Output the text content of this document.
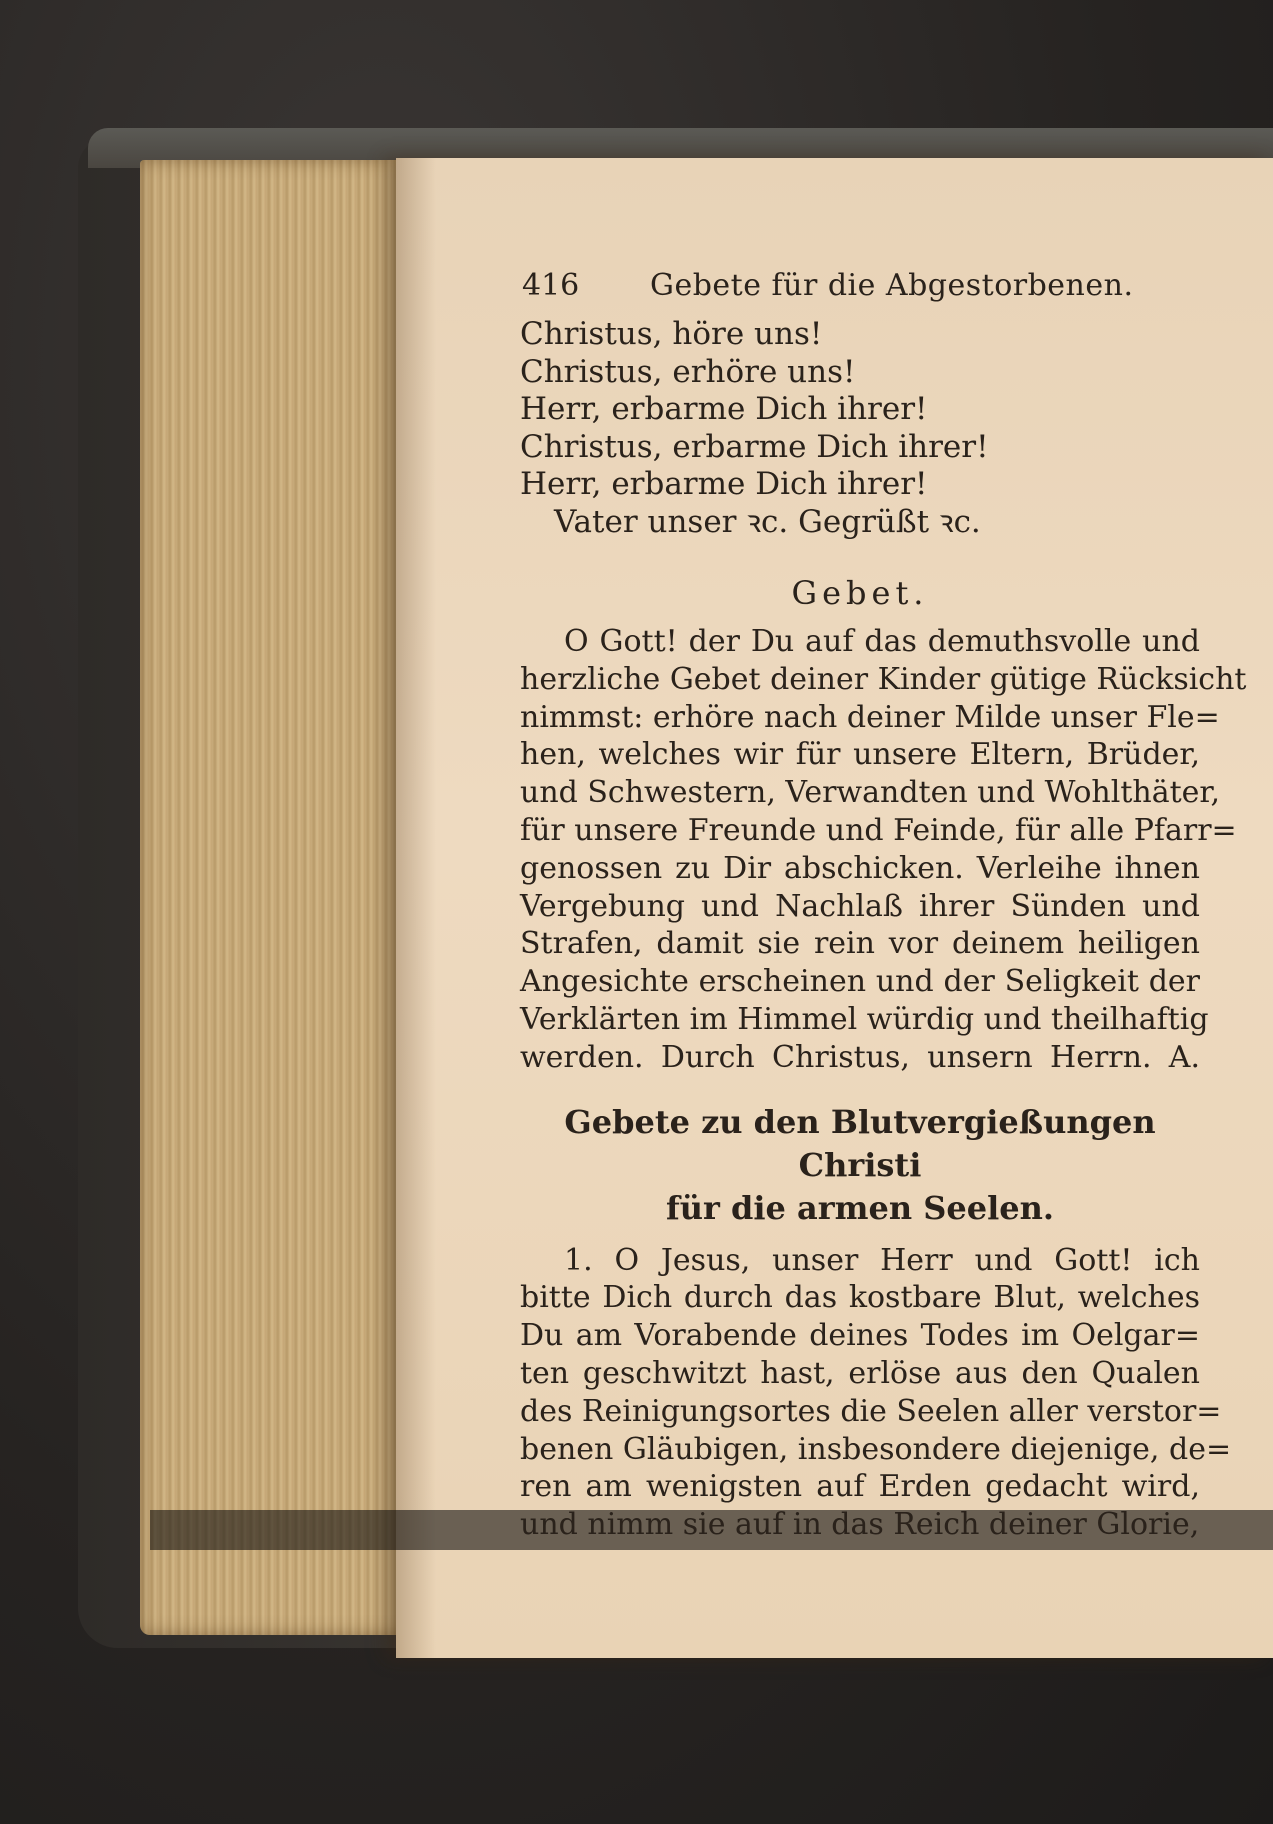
416 Gebete für die Abgestorbenen.
Christus, höre uns!
Christus, erhöre uns!
Herr, erbarme Dich ihrer!
Christus, erbarme Dich ihrer!
Herr, erbarme Dich ihrer!
Vater unser ꝛc. Gegrüßt ꝛc.
Gebet.
O Gott! der Du auf das demuthsvolle und
herzliche Gebet deiner Kinder gütige Rücksicht
nimmst: erhöre nach deiner Milde unser Fle=
hen, welches wir für unsere Eltern, Brüder,
und Schwestern, Verwandten und Wohlthäter,
für unsere Freunde und Feinde, für alle Pfarr=
genossen zu Dir abschicken. Verleihe ihnen
Vergebung und Nachlaß ihrer Sünden und
Strafen, damit sie rein vor deinem heiligen
Angesichte erscheinen und der Seligkeit der
Verklärten im Himmel würdig und theilhaftig
werden. Durch Christus, unsern Herrn. A.
Gebete zu den Blutvergießungen Christi
für die armen Seelen.
1. O Jesus, unser Herr und Gott! ich
bitte Dich durch das kostbare Blut, welches
Du am Vorabende deines Todes im Oelgar=
ten geschwitzt hast, erlöse aus den Qualen
des Reinigungsortes die Seelen aller verstor=
benen Gläubigen, insbesondere diejenige, de=
ren am wenigsten auf Erden gedacht wird,
und nimm sie auf in das Reich deiner Glorie,
